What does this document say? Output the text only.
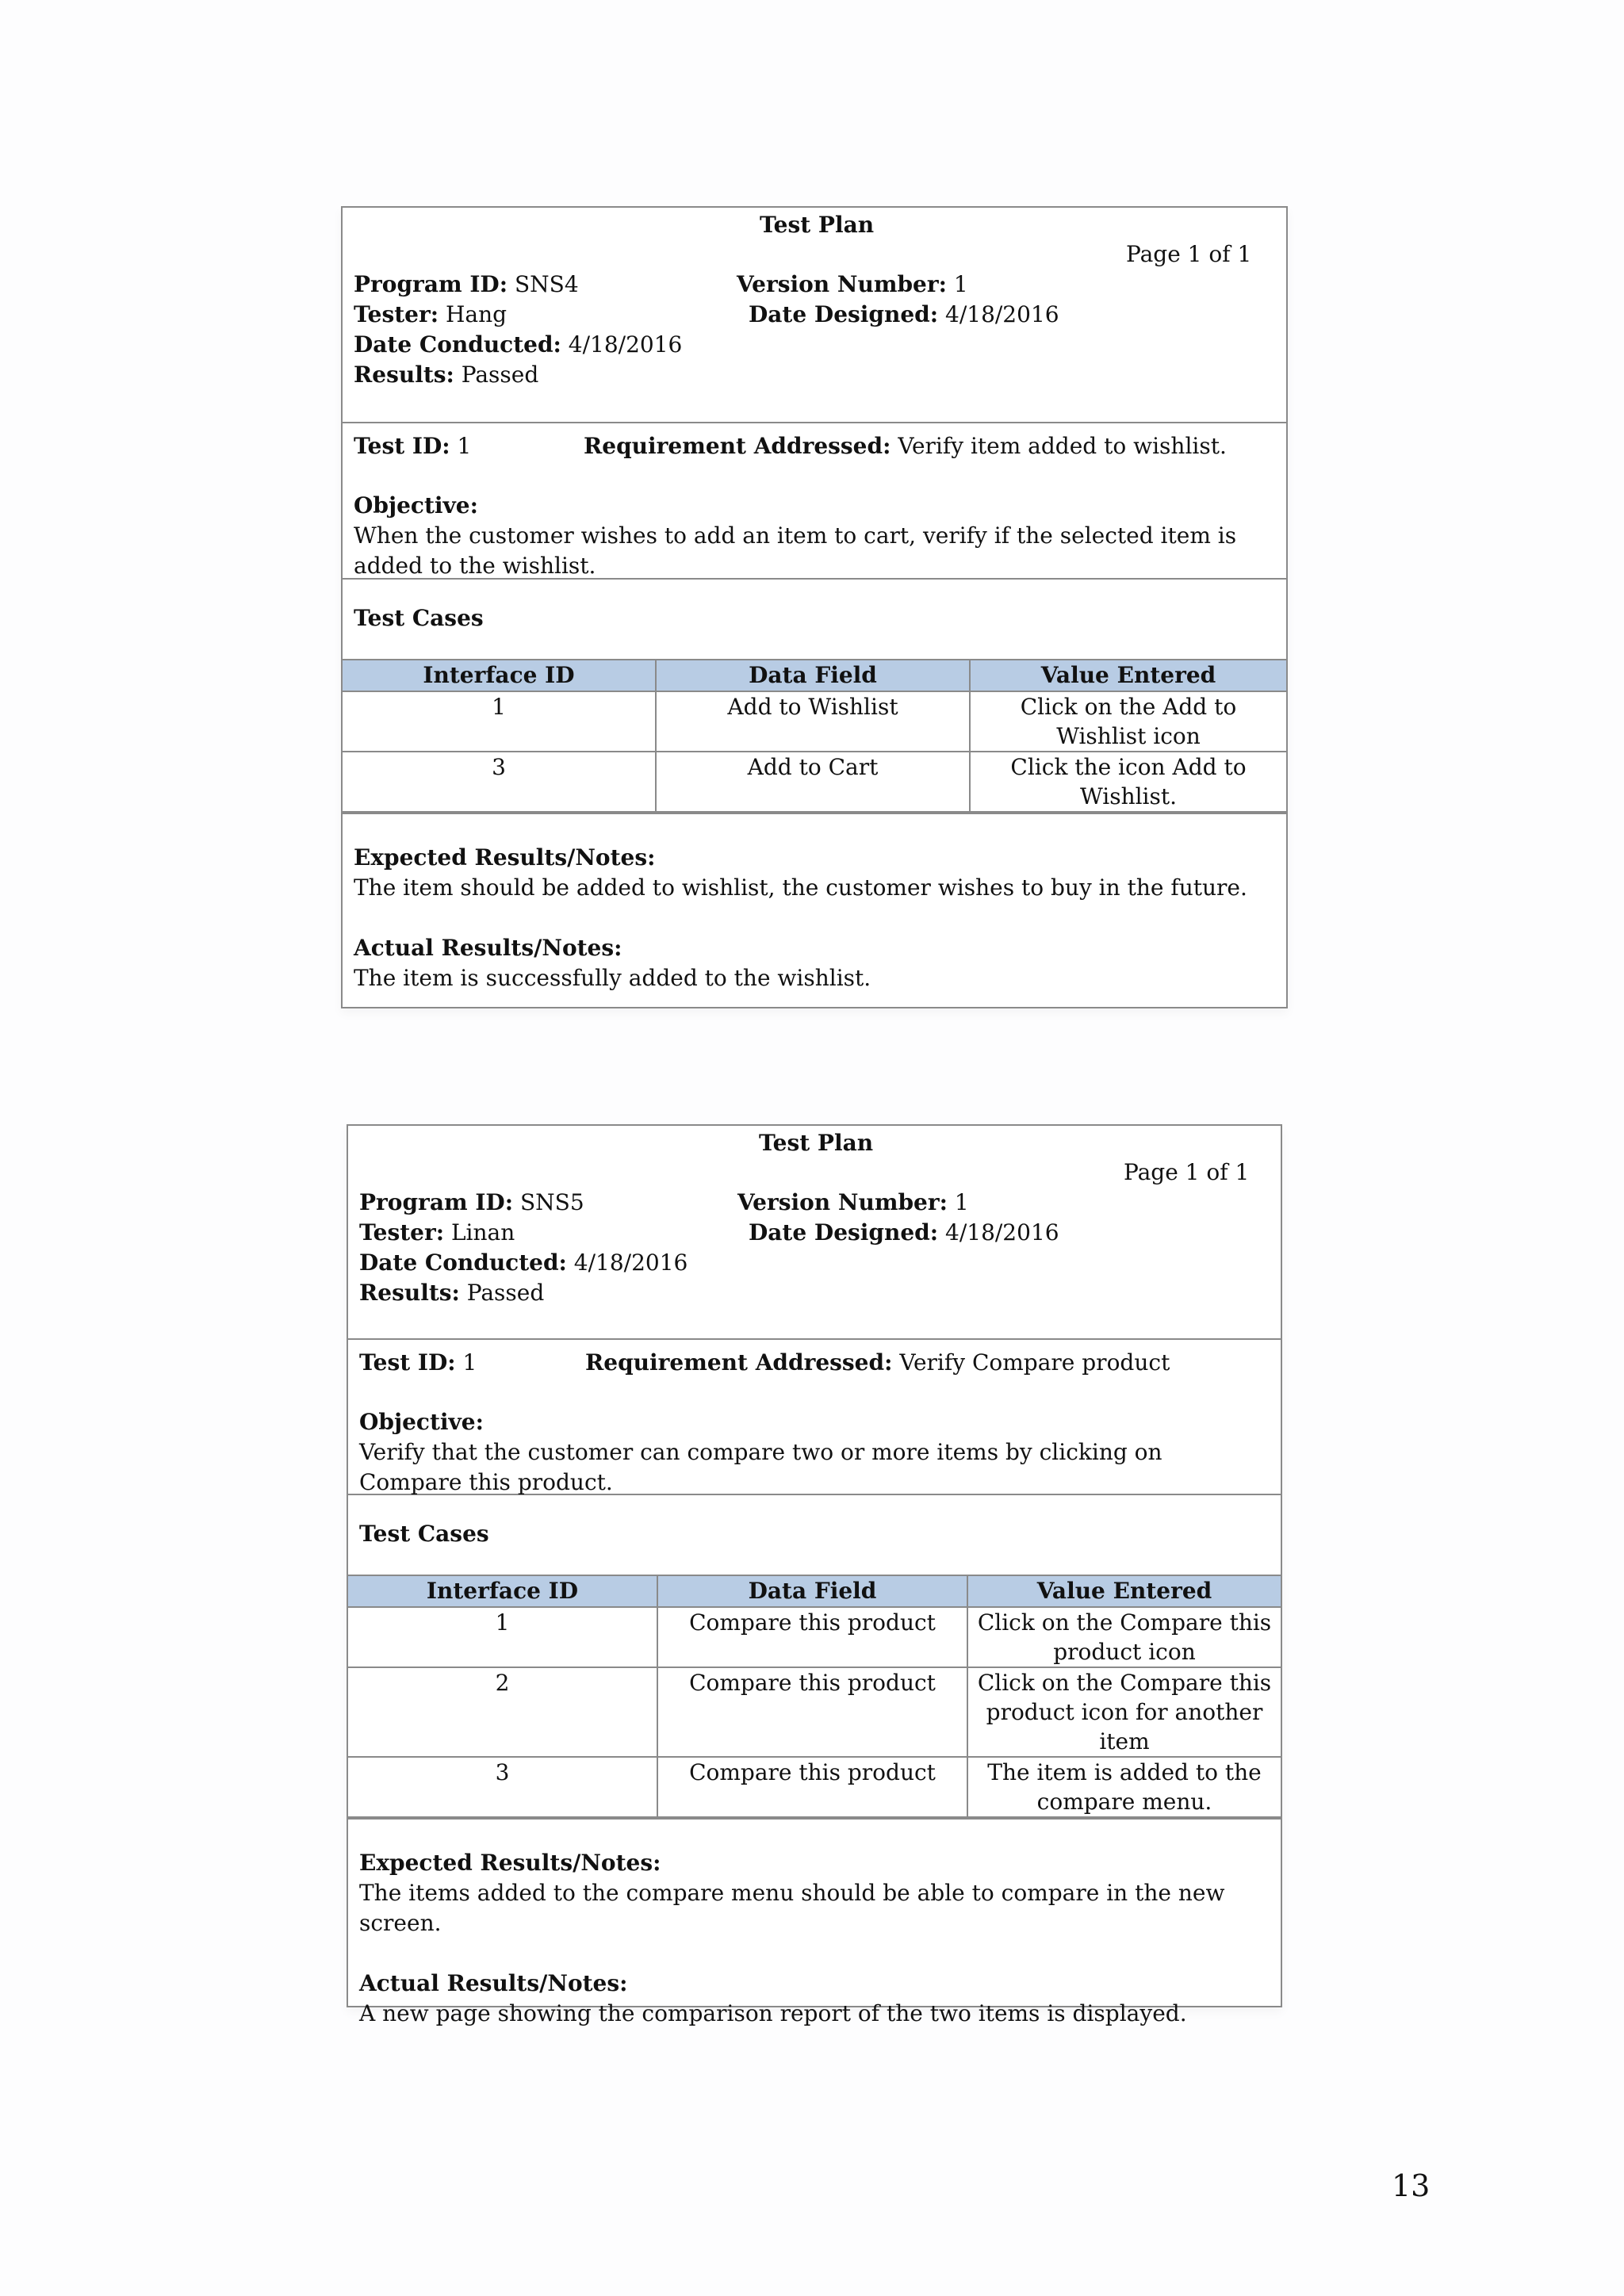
Test Plan
Page 1 of 1
Program ID: SNS4
Tester: Hang
Date Conducted: 4/18/2016
Results: Passed
Version Number: 1
Date Designed: 4/18/2016
Test ID: 1	Requirement Addressed: Verify item added to wishlist.
Objective:

When the customer wishes to add an item to cart, verify if the selected item is added to the wishlist.

Test Cases
Interface ID	Data Field	Value Entered
1	Add to Wishlist	Click on the Add to Wishlist icon
3	Add to Cart	Click the icon Add to Wishlist.
Expected Results/Notes:
The item should be added to wishlist, the customer wishes to buy in the future.
Actual Results/Notes:
The item is successfully added to the wishlist.
Test Plan
Page 1 of 1
Program ID: SNS5
Tester: Linan
Date Conducted: 4/18/2016
Results: Passed
Version Number: 1
Date Designed: 4/18/2016
Test ID: 1	Requirement Addressed: Verify Compare product
Objective:

Verify that the customer can compare two or more items by clicking on Compare this product.

Test Cases
Interface ID	Data Field	Value Entered
1	Compare this product	Click on the Compare this product icon
2	Compare this product	Click on the Compare this product icon for another item
3	Compare this product	The item is added to the compare menu.
Expected Results/Notes:
The items added to the compare menu should be able to compare in the new screen.
Actual Results/Notes:
A new page showing the comparison report of the two items is displayed.
13
